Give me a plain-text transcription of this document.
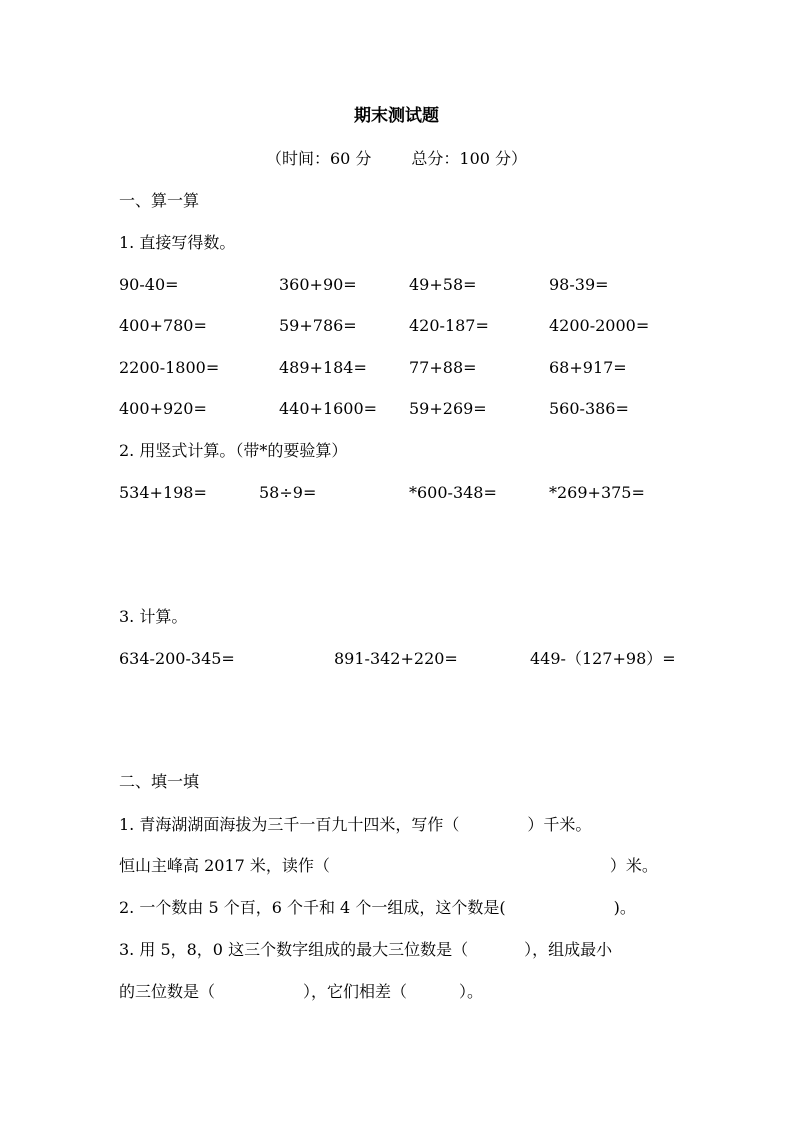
期末测试题
（时间：60 分	总分：100 分）
一、算一算
1. 直接写得数。
90-40=	360+90=	49+58=	98-39=
400+780=	59+786=	420-187=	4200-2000=
2200-1800=	489+184=	77+88=	68+917=
400+920=	440+1600= 59+269=	560-386=
2. 用竖式计算。（带*的要验算）
534+198=	58÷9=	*600-348=	*269+375=
3. 计算。
634-200-345=	891-342+220=	449-（127+98）=
二、填一填
1. 青海湖湖面海拔为三千一百九十四米，写作（	）千米。
恒山主峰高 2017 米，读作（	）米。
2. 一个数由 5 个百，6 个千和 4 个一组成，这个数是(	)。
3. 用 5，8，0 这三个数字组成的最大三位数是（	），组成最小
的三位数是（	），它们相差（	）。
